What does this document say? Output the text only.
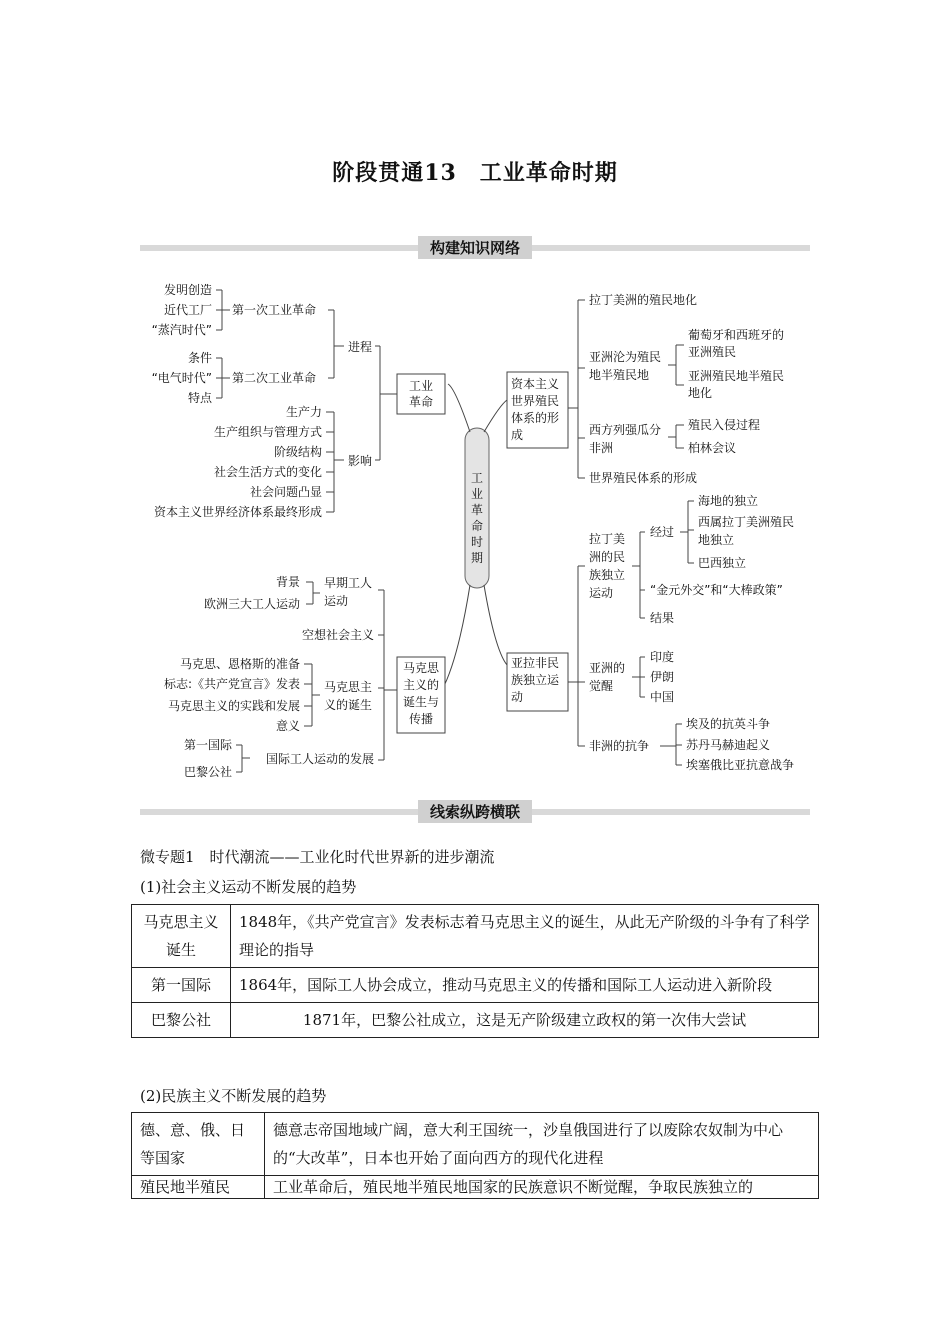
阶段贯通13　工业革命时期
构建知识网络
工
业
革
命
时
期
工业
革命
进程
第一次工业革命
发明创造
近代工厂
“蒸汽时代”
第二次工业革命
条件
“电气时代”
特点
影响
生产力
生产组织与管理方式
阶级结构
社会生活方式的变化
社会问题凸显
资本主义世界经济体系最终形成
马克思
主义的
诞生与
传播
早期工人
运动
背景
欧洲三大工人运动
空想社会主义
马克思主
义的诞生
马克思、恩格斯的准备
标志:《共产党宣言》发表
马克思主义的实践和发展
意义
国际工人运动的发展
第一国际
巴黎公社
资本主义
世界殖民
体系的形
成
拉丁美洲的殖民地化
亚洲沦为殖民
地半殖民地
葡萄牙和西班牙的
亚洲殖民
亚洲殖民地半殖民
地化
西方列强瓜分
非洲
殖民入侵过程
柏林会议
世界殖民体系的形成
亚拉非民
族独立运
动
拉丁美
洲的民
族独立
运动
经过
海地的独立
西属拉丁美洲殖民
地独立
巴西独立
“金元外交”和“大棒政策”
结果
亚洲的
觉醒
印度
伊朗
中国
非洲的抗争
埃及的抗英斗争
苏丹马赫迪起义
埃塞俄比亚抗意战争
线索纵跨横联
微专题1　时代潮流——工业化时代世界新的进步潮流
(1)社会主义运动不断发展的趋势
马克思主义诞生	1848年，《共产党宣言》发表标志着马克思主义的诞生，从此无产阶级的斗争有了科学理论的指导
第一国际	1864年，国际工人协会成立，推动马克思主义的传播和国际工人运动进入新阶段
巴黎公社	1871年，巴黎公社成立，这是无产阶级建立政权的第一次伟大尝试
(2)民族主义不断发展的趋势
德、意、俄、日等国家	德意志帝国地域广阔，意大利王国统一，沙皇俄国进行了以废除农奴制为中心的“大改革”，日本也开始了面向西方的现代化进程
殖民地半殖民	工业革命后，殖民地半殖民地国家的民族意识不断觉醒，争取民族独立的
